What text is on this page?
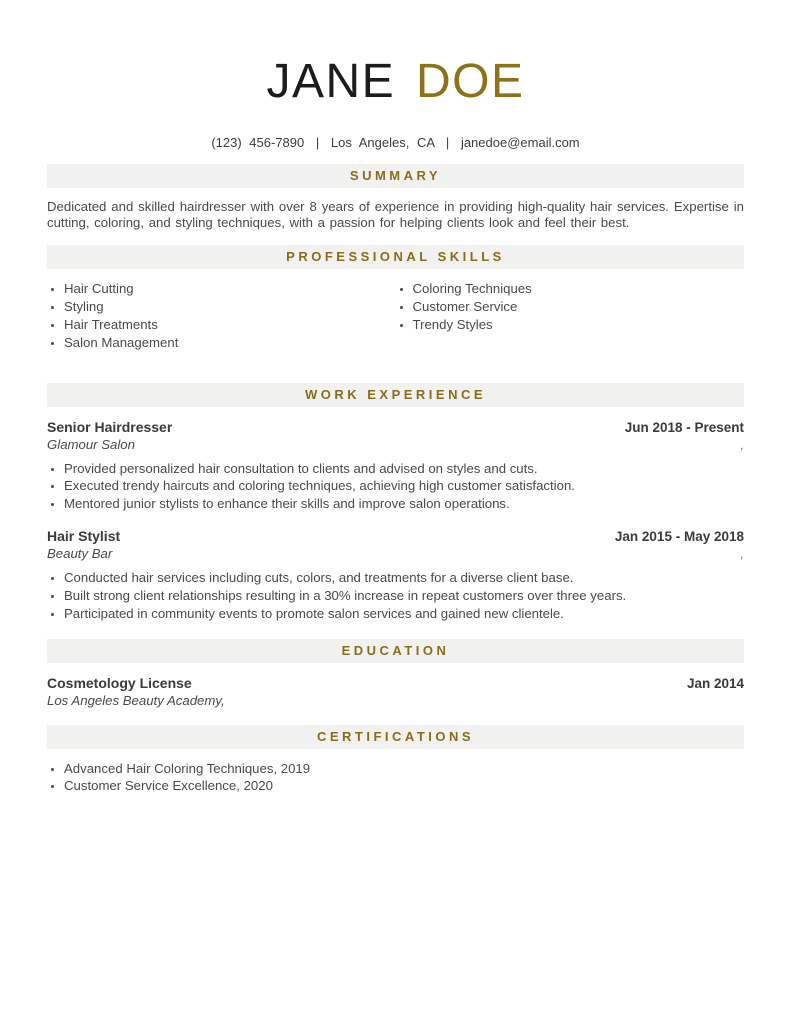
JANE DOE
(123) 456-7890 | Los Angeles, CA | janedoe@email.com
SUMMARY

Dedicated and skilled hairdresser with over 8 years of experience in providing high-quality hair services. Expertise in cutting, coloring, and styling techniques, with a passion for helping clients look and feel their best.

PROFESSIONAL SKILLS
• Hair Cutting
• Styling
• Hair Treatments
• Salon Management
• Coloring Techniques
• Customer Service
• Trendy Styles
WORK EXPERIENCE
Senior Hairdresser	Jun 2018 - Present
Glamour Salon	,
• Provided personalized hair consultation to clients and advised on styles and cuts.
• Executed trendy haircuts and coloring techniques, achieving high customer satisfaction.
• Mentored junior stylists to enhance their skills and improve salon operations.
Hair Stylist	Jan 2015 - May 2018
Beauty Bar	,
• Conducted hair services including cuts, colors, and treatments for a diverse client base.
• Built strong client relationships resulting in a 30% increase in repeat customers over three years.
• Participated in community events to promote salon services and gained new clientele.
EDUCATION
Cosmetology License	Jan 2014
Los Angeles Beauty Academy,
CERTIFICATIONS
• Advanced Hair Coloring Techniques, 2019
• Customer Service Excellence, 2020
